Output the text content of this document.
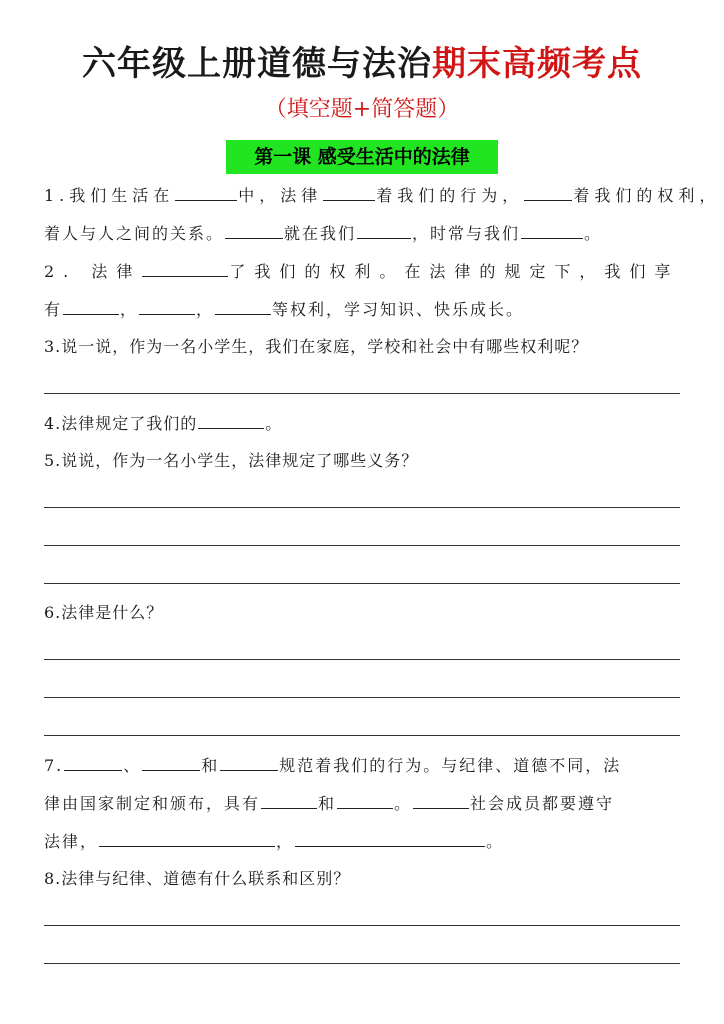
六年级上册道德与法治期末高频考点
（填空题+简答题）
第一课 感受生活中的法律
1.我们生活在	中，法律	着我们的行为，	着我们的权利，
着人与人之间的关系。	就在我们	，时常与我们	。
2. 法律	了我们的权利。在法律的规定下，我们享
有	，	，	等权利，学习知识、快乐成长。
3.说一说，作为一名小学生，我们在家庭，学校和社会中有哪些权利呢？
4.法律规定了我们的	。
5.说说，作为一名小学生，法律规定了哪些义务？
6.法律是什么？
7.	、	和	规范着我们的行为。与纪律、道德不同，法
律由国家制定和颁布，具有	和	。	社会成员都要遵守
法律，	，	。
8.法律与纪律、道德有什么联系和区别？
